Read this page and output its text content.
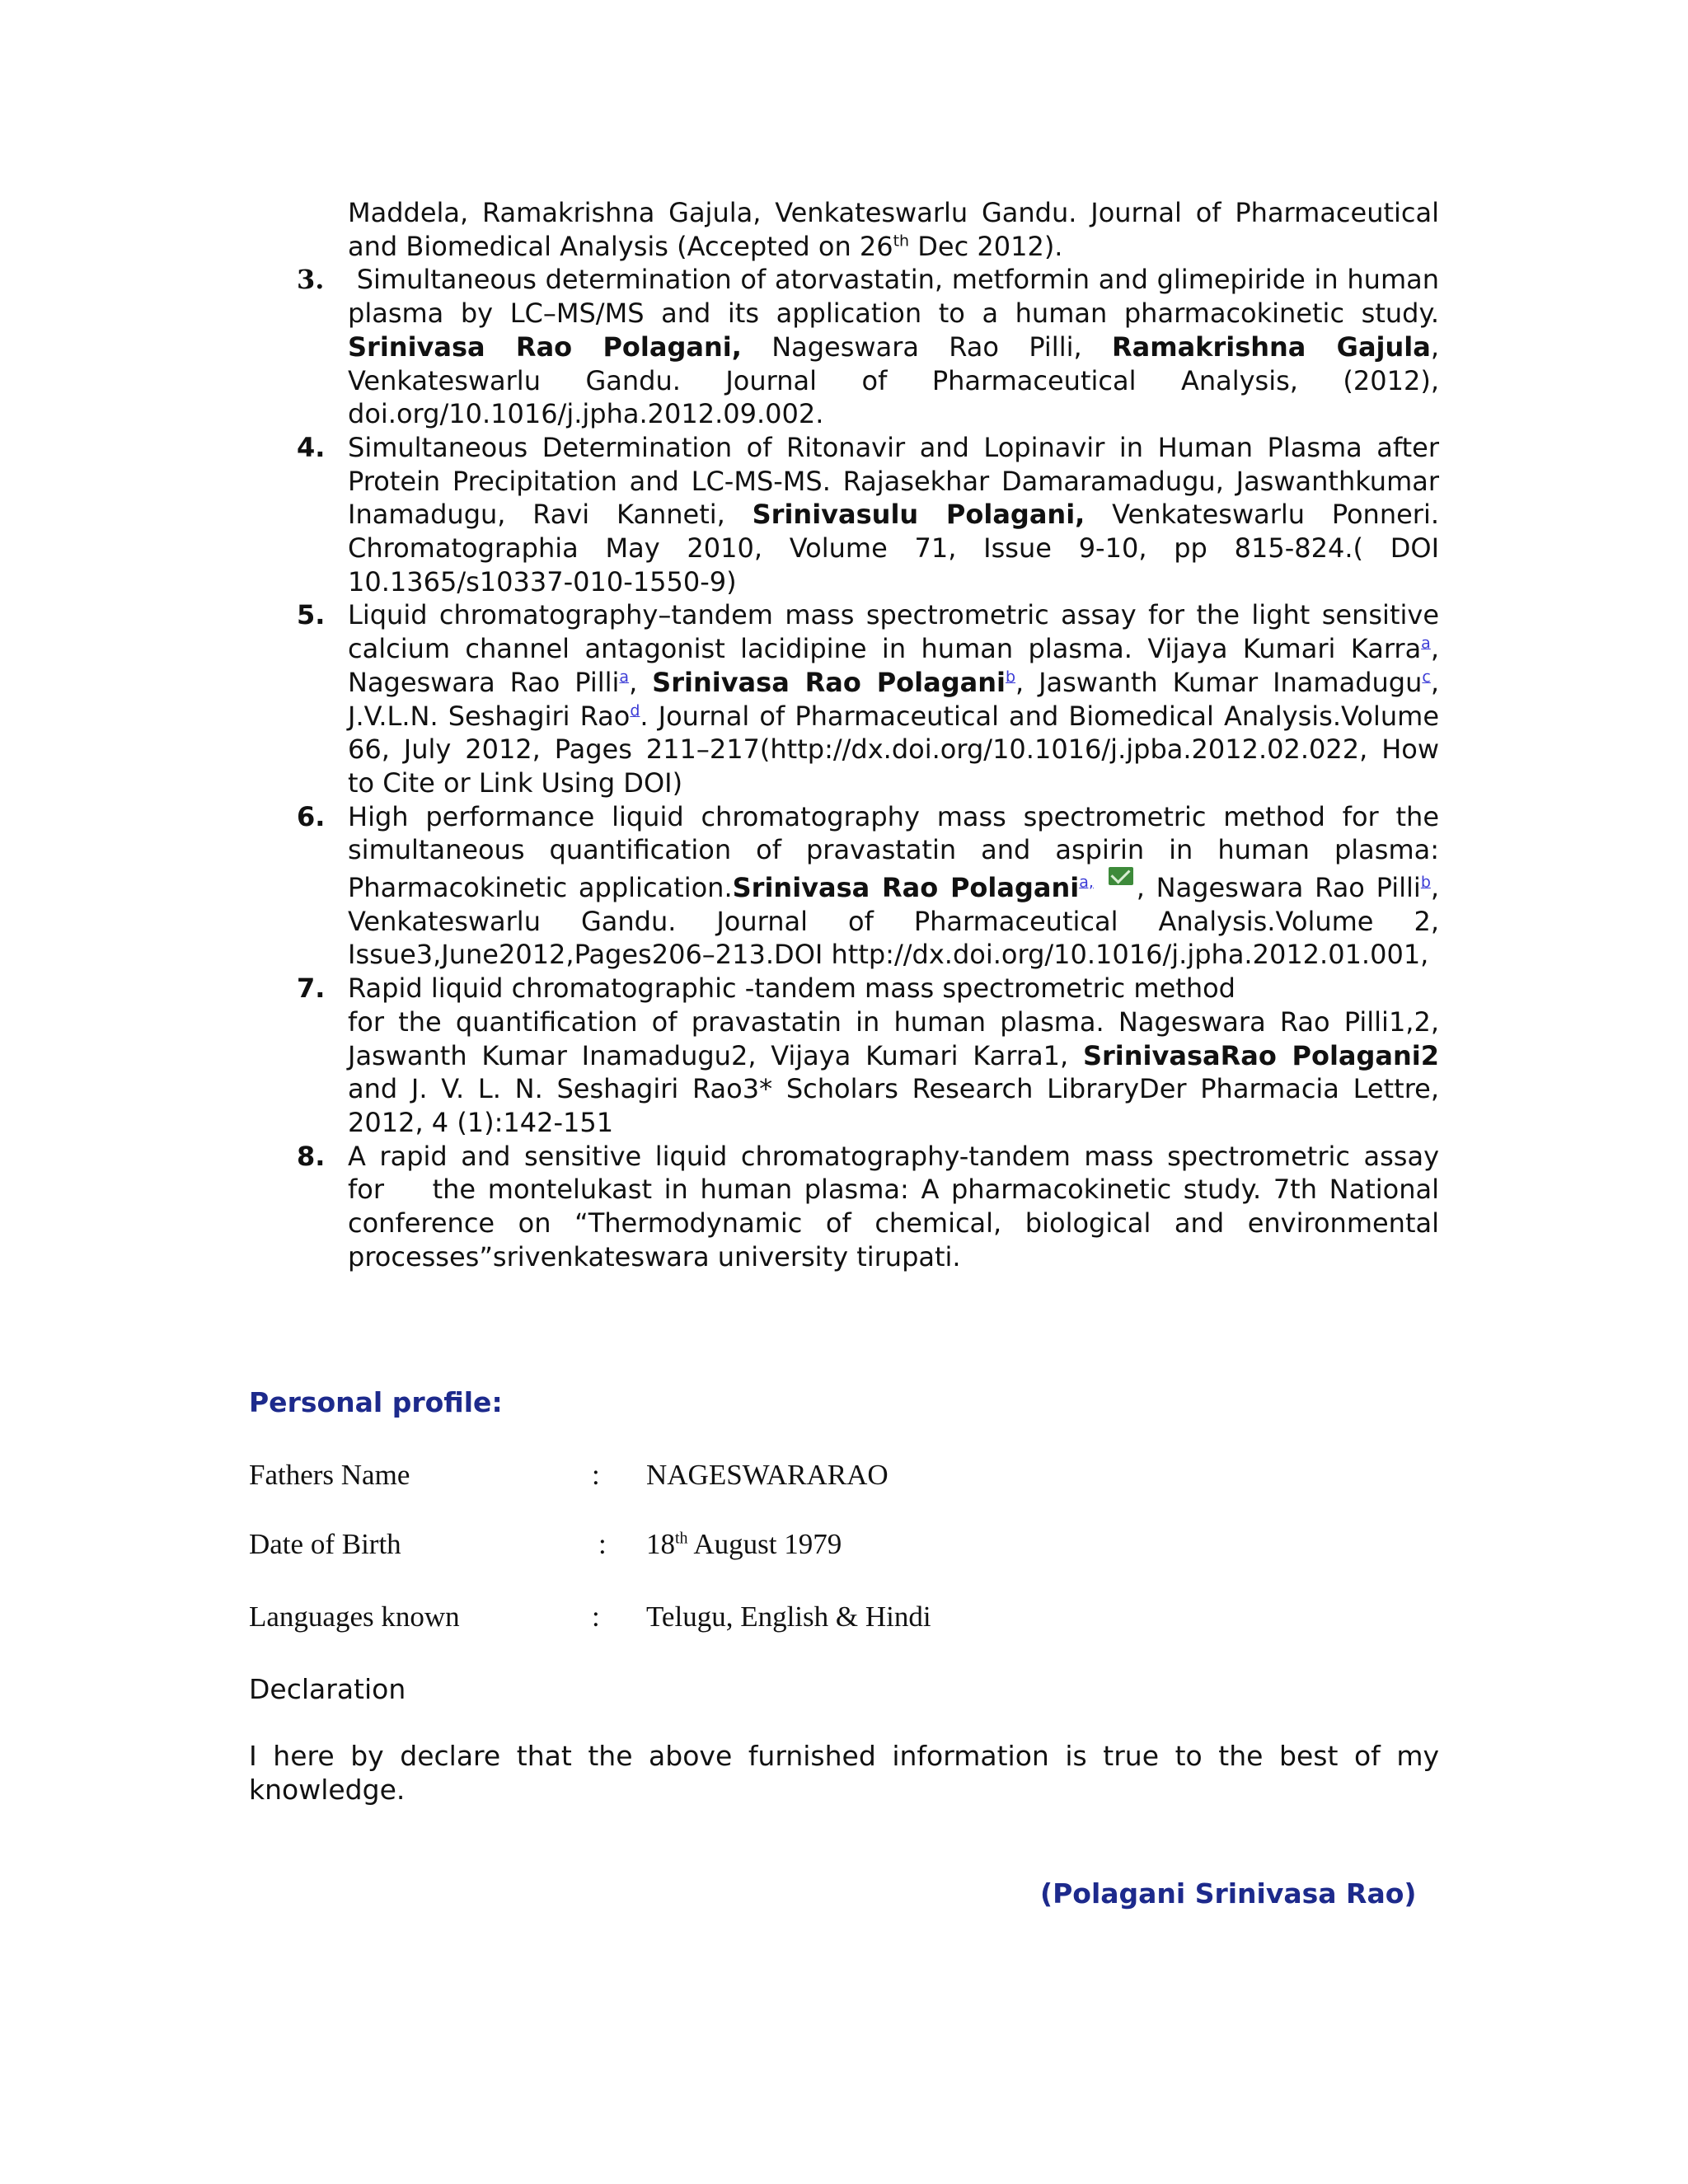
Maddela, Ramakrishna Gajula, Venkateswarlu Gandu. Journal of Pharmaceutical and Biomedical Analysis (Accepted on 26th Dec 2012).
3.	Simultaneous determination of atorvastatin, metformin and glimepiride in human plasma by LC–MS/MS and its application to a human pharmacokinetic study. Srinivasa Rao Polagani, Nageswara Rao Pilli, Ramakrishna Gajula, Venkateswarlu Gandu. Journal of Pharmaceutical Analysis, (2012), doi.org/10.1016/j.jpha.2012.09.002.
4. Simultaneous Determination of Ritonavir and Lopinavir in Human Plasma after Protein Precipitation and LC-MS-MS. Rajasekhar Damaramadugu, Jaswanthkumar Inamadugu, Ravi Kanneti, Srinivasulu Polagani, Venkateswarlu Ponneri. Chromatographia May 2010, Volume 71, Issue 9-10, pp 815-824.( DOI 10.1365/s10337-010-1550-9)
5. Liquid chromatography–tandem mass spectrometric assay for the light sensitive calcium channel antagonist lacidipine in human plasma. Vijaya Kumari Karra$^a$, Nageswara Rao Pilli$^a$, Srinivasa Rao Polagani$^b$, Jaswanth Kumar Inamadugu$^c$, J.V.L.N. Seshagiri Rao$^d$. Journal of Pharmaceutical and Biomedical Analysis.Volume 66, July 2012, Pages 211–217(http://dx.doi.org/10.1016/j.jpba.2012.02.022, How to Cite or Link Using DOI)
6. High performance liquid chromatography mass spectrometric method for the simultaneous quantification of pravastatin and aspirin in human plasma: Pharmacokinetic application.Srinivasa Rao Polagani$^{a,}$ , Nageswara Rao Pilli$^b$, Venkateswarlu Gandu. Journal of Pharmaceutical Analysis.Volume 2, Issue3,June2012,Pages206–213.DOI http://dx.doi.org/10.1016/j.jpha.2012.01.001,
7. Rapid liquid chromatographic -tandem mass spectrometric method
for the quantification of pravastatin in human plasma. Nageswara Rao Pilli1,2, Jaswanth Kumar Inamadugu2, Vijaya Kumari Karra1, SrinivasaRao Polagani2 and J. V. L. N. Seshagiri Rao3* Scholars Research LibraryDer Pharmacia Lettre, 2012, 4 (1):142-151
8. A rapid and sensitive liquid chromatography-tandem mass spectrometric assay for    the montelukast in human plasma: A pharmacokinetic study. 7th National conference on “Thermodynamic of chemical, biological and environmental processes”srivenkateswara university tirupati.
Personal profile:
Fathers Name	: NAGESWARARAO
Date of Birth	: 18th August 1979
Languages known	: Telugu, English & Hindi
Declaration
I here by declare that the above furnished information is true to the best of my knowledge.
(Polagani Srinivasa Rao)
